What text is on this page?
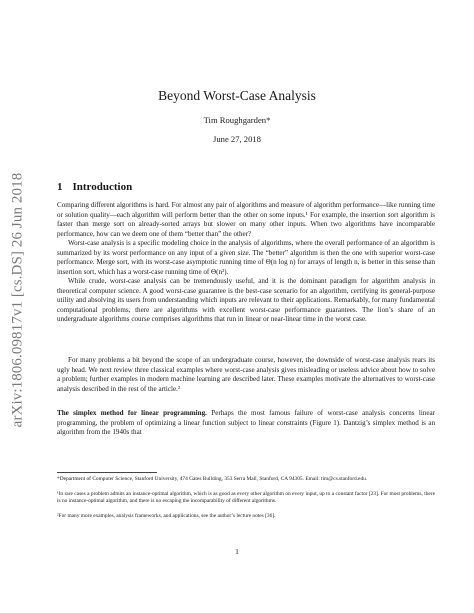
arXiv:1806.09817v1 [cs.DS] 26 Jun 2018
Beyond Worst-Case Analysis
Tim Roughgarden*
June 27, 2018
1 Introduction

Comparing different algorithms is hard. For almost any pair of algorithms and measure of algorithm performance—like running time or solution quality—each algorithm will perform better than the other on some inputs.¹ For example, the insertion sort algorithm is faster than merge sort on already-sorted arrays but slower on many other inputs. When two algorithms have incomparable performance, how can we deem one of them “better than” the other?

Worst-case analysis is a specific modeling choice in the analysis of algorithms, where the overall performance of an algorithm is summarized by its worst performance on any input of a given size. The “better” algorithm is then the one with superior worst-case performance. Merge sort, with its worst-case asymptotic running time of Θ(n log n) for arrays of length n, is better in this sense than insertion sort, which has a worst-case running time of Θ(n²).

While crude, worst-case analysis can be tremendously useful, and it is the dominant paradigm for algorithm analysis in theoretical computer science. A good worst-case guarantee is the best-case scenario for an algorithm, certifying its general-purpose utility and absolving its users from understanding which inputs are relevant to their applications. Remarkably, for many fundamental computational problems, there are algorithms with excellent worst-case performance guarantees. The lion’s share of an undergraduate algorithms course comprises algorithms that run in linear or near-linear time in the worst case.

For many problems a bit beyond the scope of an undergraduate course, however, the downside of worst-case analysis rears its ugly head. We next review three classical examples where worst-case analysis gives misleading or useless advice about how to solve a problem; further examples in modern machine learning are described later. These examples motivate the alternatives to worst-case analysis described in the rest of the article.²

The simplex method for linear programming. Perhaps the most famous failure of worst-case analysis concerns linear programming, the problem of optimizing a linear function subject to linear constraints (Figure 1). Dantzig’s simplex method is an algorithm from the 1940s that

*Department of Computer Science, Stanford University, 474 Gates Building, 353 Serra Mall, Stanford, CA 94305. Email: tim@cs.stanford.edu.
¹In rare cases a problem admits an instance-optimal algorithm, which is as good as every other algorithm on every input, up to a constant factor [23]. For most problems, there is no instance-optimal algorithm, and there is no escaping the incomparability of different algorithms.
²For many more examples, analysis frameworks, and applications, see the author’s lecture notes [36].
1
